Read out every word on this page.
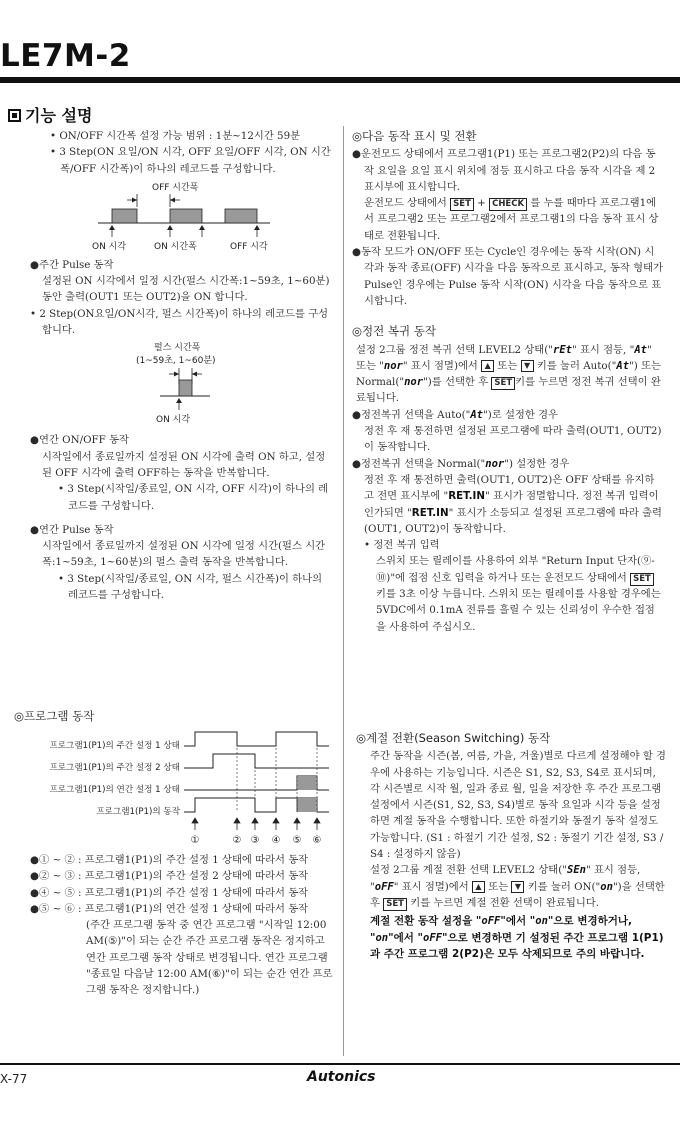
LE7M-2
기능 설명

• ON/OFF 시간폭 설정 가능 범위 : 1분~12시간 59분

• 3 Step(ON 요일/ON 시각, OFF 요일/OFF 시각, ON 시간폭/OFF 시간폭)이 하나의 레코드를 구성합니다.

OFF 시간폭
ON 시각	ON 시간폭	OFF 시각

●주간 Pulse 동작

설정된 ON 시각에서 일정 시간(펄스 시간폭:1~59초, 1~60분) 동안 출력(OUT1 또는 OUT2)을 ON 합니다.

• 2 Step(ON요일/ON시각, 펄스 시간폭)이 하나의 레코드를 구성합니다.

펄스 시간폭
(1~59초, 1~60분)
ON 시각

●연간 ON/OFF 동작

시작일에서 종료일까지 설정된 ON 시각에 출력 ON 하고, 설정된 OFF 시각에 출력 OFF하는 동작을 반복합니다.

• 3 Step(시작일/종료일, ON 시각, OFF 시각)이 하나의 레코드를 구성합니다.

●연간 Pulse 동작

시작일에서 종료일까지 설정된 ON 시각에 일정 시간(펄스 시간폭:1~59초, 1~60분)의 펄스 출력 동작을 반복합니다.

• 3 Step(시작일/종료일, ON 시각, 펄스 시간폭)이 하나의 레코드를 구성합니다.

◎프로그램 동작

프로그램1(P1)의 주간 설정 1 상태
프로그램1(P1)의 주간 설정 2 상태
프로그램1(P1)의 연간 설정 1 상태
프로그램1(P1)의 동작
①	② ③ ④ ⑤ ⑥

●① ~ ② : 프로그램1(P1)의 주간 설정 1 상태에 따라서 동작

●② ~ ③ : 프로그램1(P1)의 주간 설정 2 상태에 따라서 동작

●④ ~ ⑤ : 프로그램1(P1)의 주간 설정 1 상태에 따라서 동작

●⑤ ~ ⑥ : 프로그램1(P1)의 연간 설정 1 상태에 따라서 동작

(주간 프로그램 동작 중 연간 프로그램 "시작일 12:00 AM(⑤)"이 되는 순간 주간 프로그램 동작은 정지하고 연간 프로그램 동작 상태로 변경됩니다. 연간 프로그램 "종료일 다음날 12:00 AM(⑥)"이 되는 순간 연간 프로그램 동작은 정지합니다.)

◎다음 동작 표시 및 전환

●운전모드 상태에서 프로그램1(P1) 또는 프로그램2(P2)의 다음 동작 요일을 요일 표시 위치에 점등 표시하고 다음 동작 시각을 제 2표시부에 표시합니다.

운전모드 상태에서 SET + CHECK 를 누를 때마다 프로그램1에서 프로그램2 또는 프로그램2에서 프로그램1의 다음 동작 표시 상태로 전환됩니다.

●동작 모드가 ON/OFF 또는 Cycle인 경우에는 동작 시작(ON) 시각과 동작 종료(OFF) 시각을 다음 동작으로 표시하고, 동작 형태가 Pulse인 경우에는 Pulse 동작 시작(ON) 시각을 다음 동작으로 표시합니다.

◎정전 복귀 동작

설정 2그룹 정전 복귀 선택 LEVEL2 상태("rEt" 표시 점등, "At" 또는 "nor" 표시 점멸)에서 ▲ 또는 ▼ 키를 눌러 Auto("At") 또는 Normal("nor")를 선택한 후 SET 키를 누르면 정전 복귀 선택이 완료됩니다.

●정전복귀 선택을 Auto("At")로 설정한 경우

정전 후 재 통전하면 설정된 프로그램에 따라 출력(OUT1, OUT2)이 동작합니다.

●정전복귀 선택을 Normal("nor") 설정한 경우

정전 후 재 통전하면 출력(OUT1, OUT2)은 OFF 상태를 유지하고 전면 표시부에 "RET.IN" 표시가 점멸합니다. 정전 복귀 입력이 인가되면 "RET.IN" 표시가 소등되고 설정된 프로그램에 따라 출력(OUT1, OUT2)이 동작합니다.

• 정전 복귀 입력

스위치 또는 릴레이를 사용하여 외부 "Return Input 단자(⑨-⑩)"에 접점 신호 입력을 하거나 또는 운전모드 상태에서 SET 키를 3초 이상 누릅니다. 스위치 또는 릴레이를 사용할 경우에는 5VDC에서 0.1mA 전류를 흘릴 수 있는 신뢰성이 우수한 접점을 사용하여 주십시오.

◎계절 전환(Season Switching) 동작

주간 동작을 시즌(봄, 여름, 가을, 겨울)별로 다르게 설정해야 할 경우에 사용하는 기능입니다. 시즌은 S1, S2, S3, S4로 표시되며, 각 시즌별로 시작 월, 일과 종료 월, 일을 저장한 후 주간 프로그램 설정에서 시즌(S1, S2, S3, S4)별로 동작 요일과 시각 등을 설정하면 계절 동작을 수행합니다. 또한 하절기와 동절기 동작 설정도 가능합니다. (S1 : 하절기 기간 설정, S2 : 동절기 기간 설정, S3 / S4 : 설정하지 않음)

설정 2그룹 계절 전환 선택 LEVEL2 상태("SEn" 표시 점등, "oFF" 표시 점멸)에서 ▲ 또는 ▼ 키를 눌러 ON("on")을 선택한 후 SET 키를 누르면 계절 전환 선택이 완료됩니다.

계절 전환 동작 설정을 "oFF"에서 "on"으로 변경하거나, "on"에서 "oFF"으로 변경하면 기 설정된 주간 프로그램 1(P1)과 주간 프로그램 2(P2)은 모두 삭제되므로 주의 바랍니다.

X-77	Autonics
